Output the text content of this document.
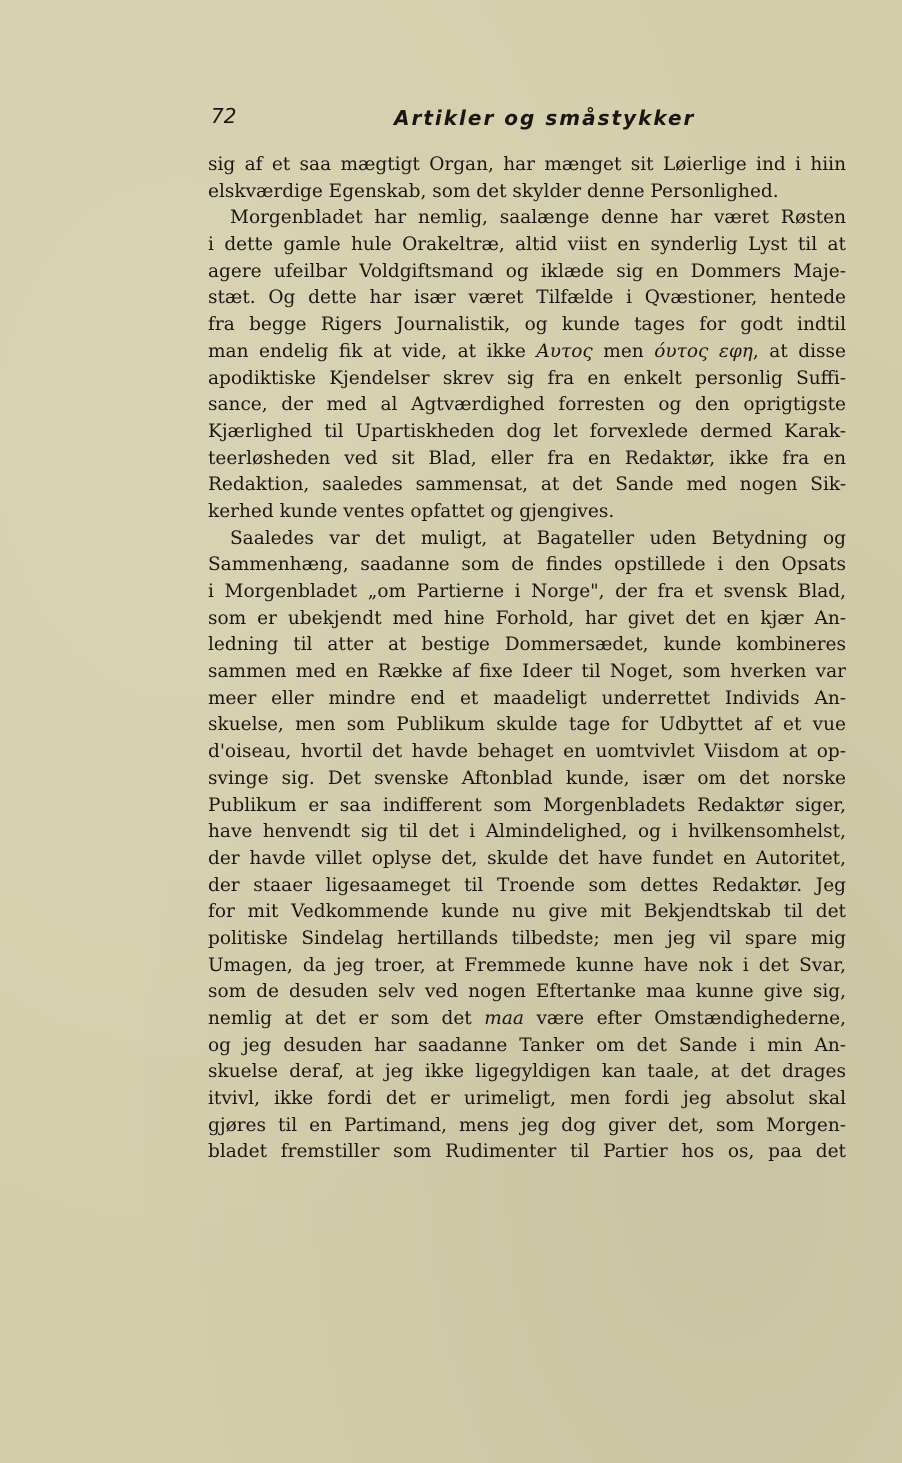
72	Artikler og småstykker
sig af et saa mægtigt Organ, har mænget sit Løierlige ind i hiin
elskværdige Egenskab, som det skylder denne Personlighed.
Morgenbladet har nemlig, saalænge denne har været Røsten
i dette gamle hule Orakeltræ, altid viist en synderlig Lyst til at
agere ufeilbar Voldgiftsmand og iklæde sig en Dommers Maje-
stæt. Og dette har især været Tilfælde i Qvæstioner, hentede
fra begge Rigers Journalistik, og kunde tages for godt indtil
man endelig fik at vide, at ikke Αυτος men όυτος εφη, at disse
apodiktiske Kjendelser skrev sig fra en enkelt personlig Suffi-
sance, der med al Agtværdighed forresten og den oprigtigste
Kjærlighed til Upartiskheden dog let forvexlede dermed Karak-
teerløsheden ved sit Blad, eller fra en Redaktør, ikke fra en
Redaktion, saaledes sammensat, at det Sande med nogen Sik-
kerhed kunde ventes opfattet og gjengives.
Saaledes var det muligt, at Bagateller uden Betydning og
Sammenhæng, saadanne som de findes opstillede i den Opsats
i Morgenbladet „om Partierne i Norge", der fra et svensk Blad,
som er ubekjendt med hine Forhold, har givet det en kjær An-
ledning til atter at bestige Dommersædet, kunde kombineres
sammen med en Række af fixe Ideer til Noget, som hverken var
meer eller mindre end et maadeligt underrettet Individs An-
skuelse, men som Publikum skulde tage for Udbyttet af et vue
d'oiseau, hvortil det havde behaget en uomtvivlet Viisdom at op-
svinge sig. Det svenske Aftonblad kunde, især om det norske
Publikum er saa indifferent som Morgenbladets Redaktør siger,
have henvendt sig til det i Almindelighed, og i hvilkensomhelst,
der havde villet oplyse det, skulde det have fundet en Autoritet,
der staaer ligesaameget til Troende som dettes Redaktør. Jeg
for mit Vedkommende kunde nu give mit Bekjendtskab til det
politiske Sindelag hertillands tilbedste; men jeg vil spare mig
Umagen, da jeg troer, at Fremmede kunne have nok i det Svar,
som de desuden selv ved nogen Eftertanke maa kunne give sig,
nemlig at det er som det maa være efter Omstændighederne,
og jeg desuden har saadanne Tanker om det Sande i min An-
skuelse deraf, at jeg ikke ligegyldigen kan taale, at det drages
itvivl, ikke fordi det er urimeligt, men fordi jeg absolut skal
gjøres til en Partimand, mens jeg dog giver det, som Morgen-
bladet fremstiller som Rudimenter til Partier hos os, paa det
